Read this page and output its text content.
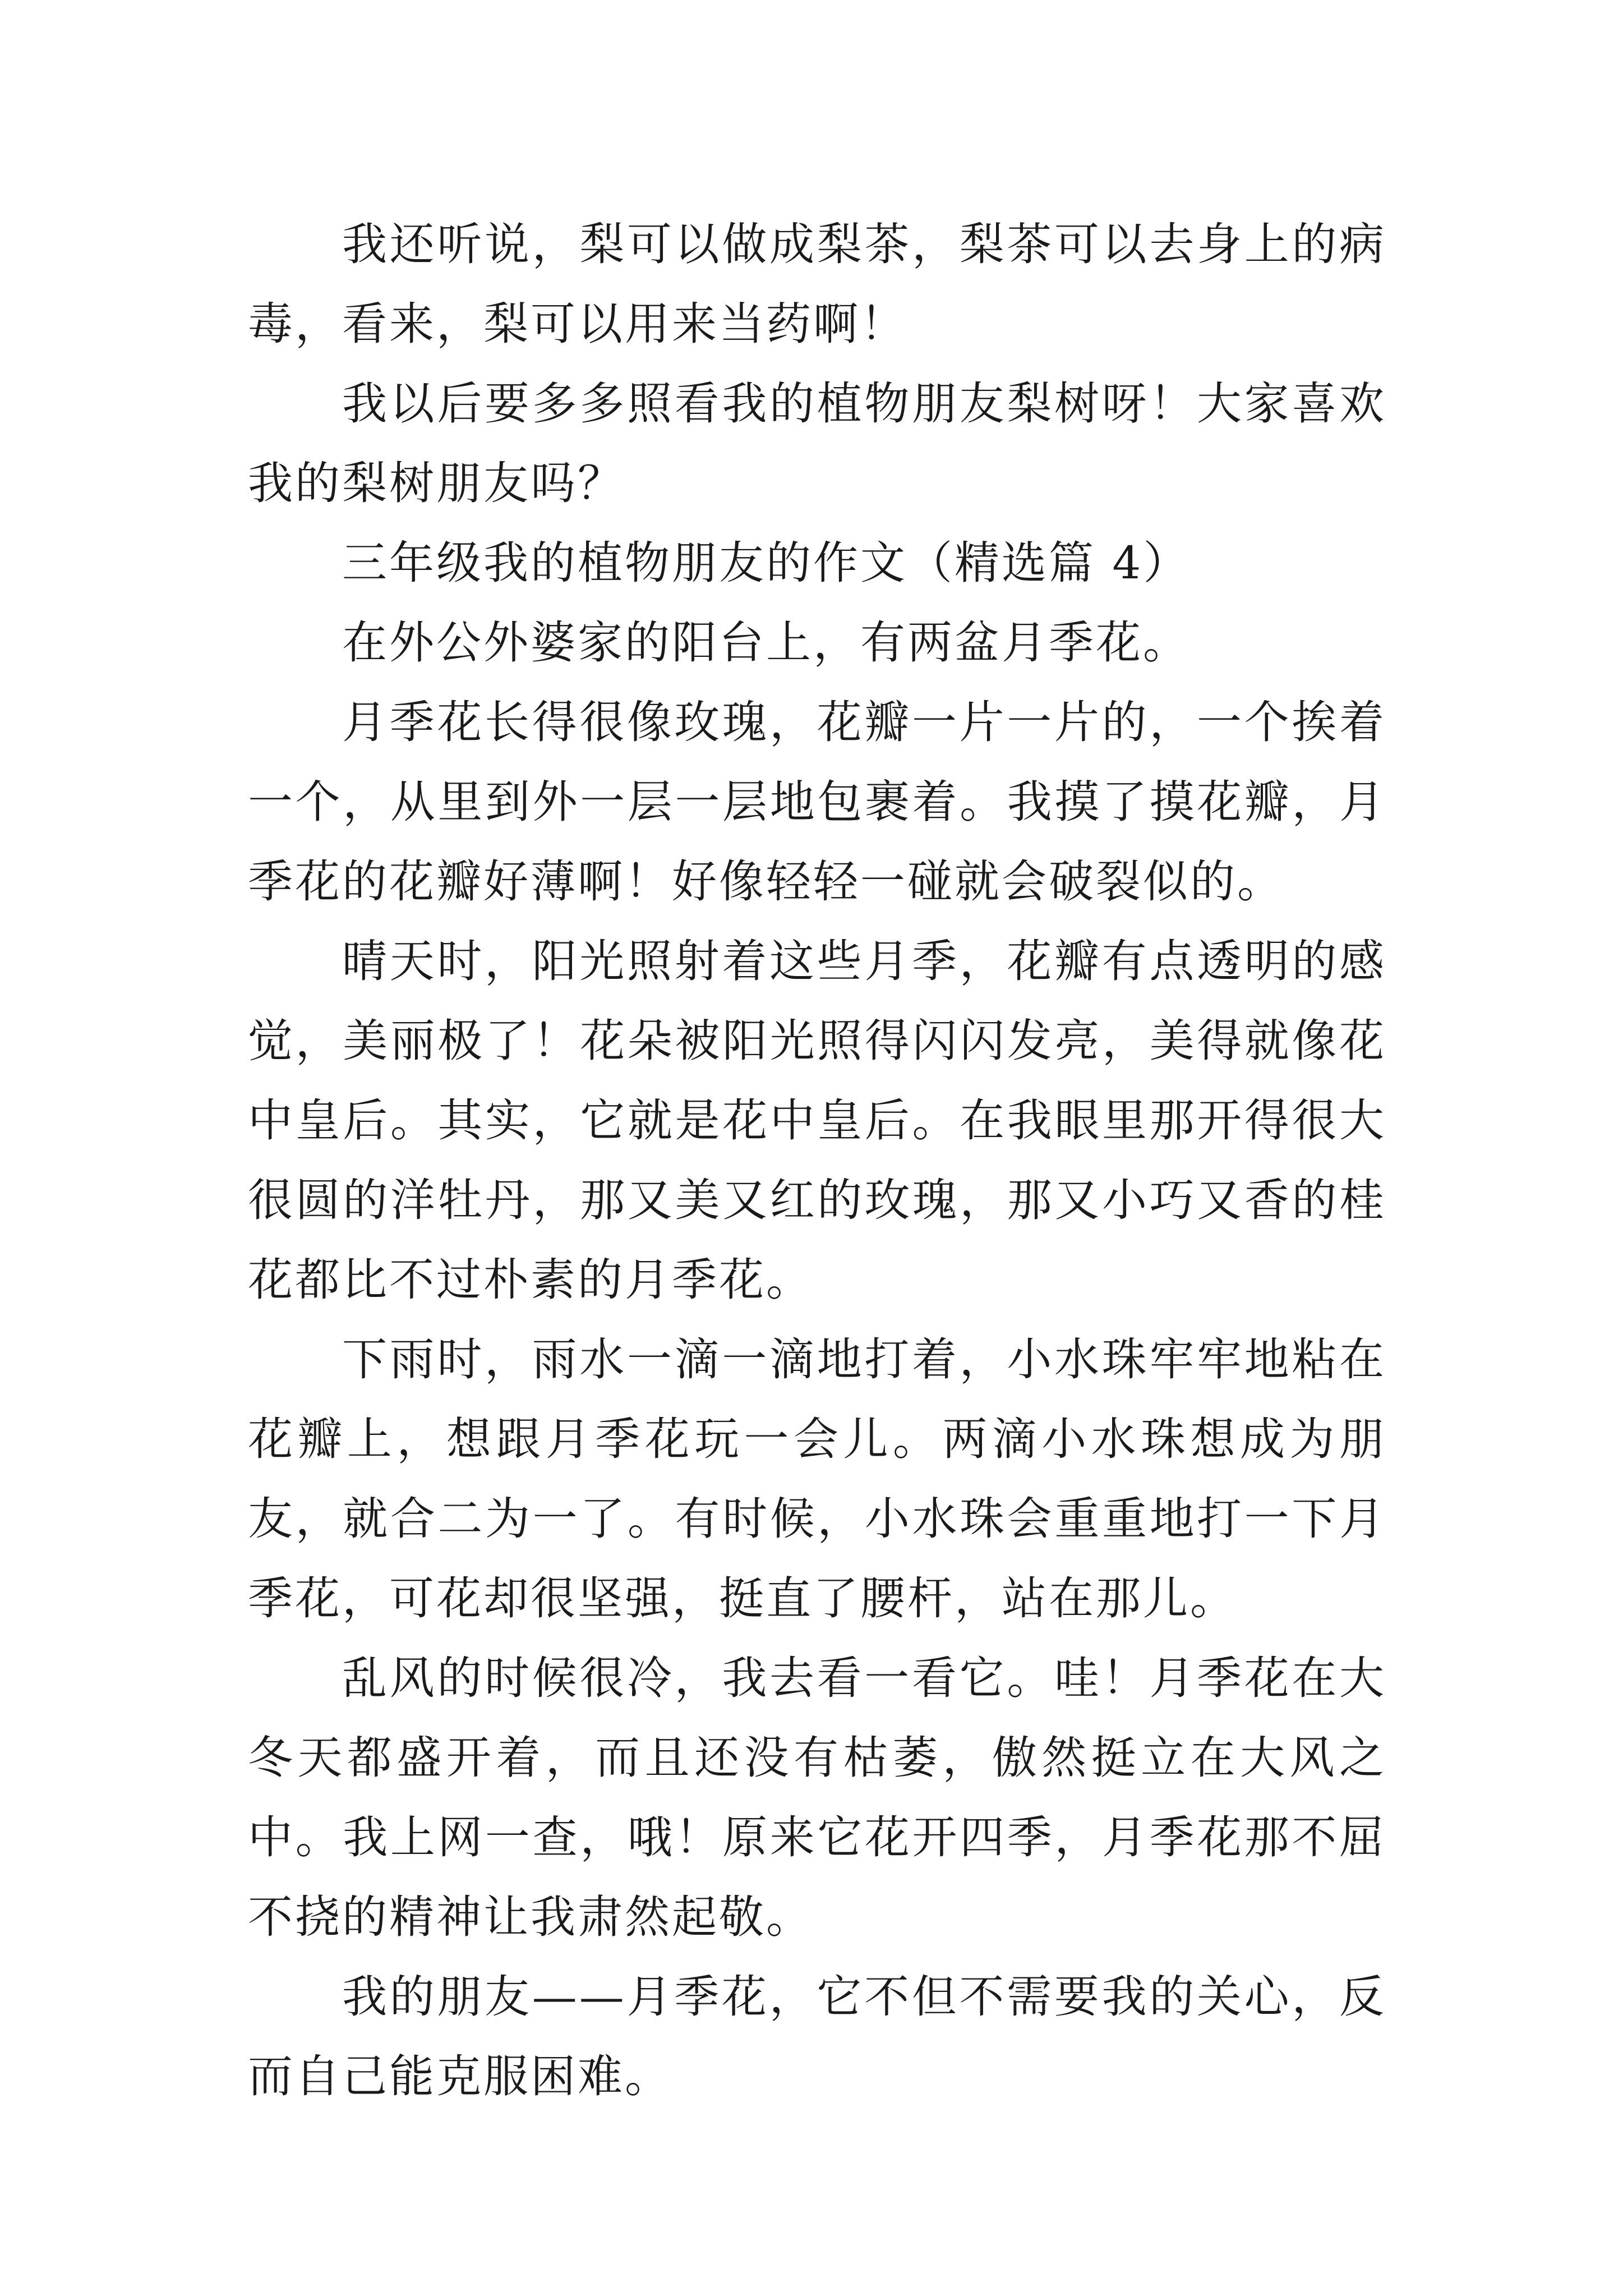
我还听说，梨可以做成梨茶，梨茶可以去身上的病毒，看来，梨可以用来当药啊！

我以后要多多照看我的植物朋友梨树呀！大家喜欢我的梨树朋友吗？

三年级我的植物朋友的作文（精选篇 4）

在外公外婆家的阳台上，有两盆月季花。

月季花长得很像玫瑰，花瓣一片一片的，一个挨着一个，从里到外一层一层地包裹着。我摸了摸花瓣，月季花的花瓣好薄啊！好像轻轻一碰就会破裂似的。

晴天时，阳光照射着这些月季，花瓣有点透明的感觉，美丽极了！花朵被阳光照得闪闪发亮，美得就像花中皇后。其实，它就是花中皇后。在我眼里那开得很大很圆的洋牡丹，那又美又红的玫瑰，那又小巧又香的桂花都比不过朴素的月季花。

下雨时，雨水一滴一滴地打着，小水珠牢牢地粘在花瓣上，想跟月季花玩一会儿。两滴小水珠想成为朋友，就合二为一了。有时候，小水珠会重重地打一下月季花，可花却很坚强，挺直了腰杆，站在那儿。

乱风的时候很冷，我去看一看它。哇！月季花在大冬天都盛开着，而且还没有枯萎，傲然挺立在大风之中。我上网一查，哦！原来它花开四季，月季花那不屈不挠的精神让我肃然起敬。

我的朋友——月季花，它不但不需要我的关心，反而自己能克服困难。
